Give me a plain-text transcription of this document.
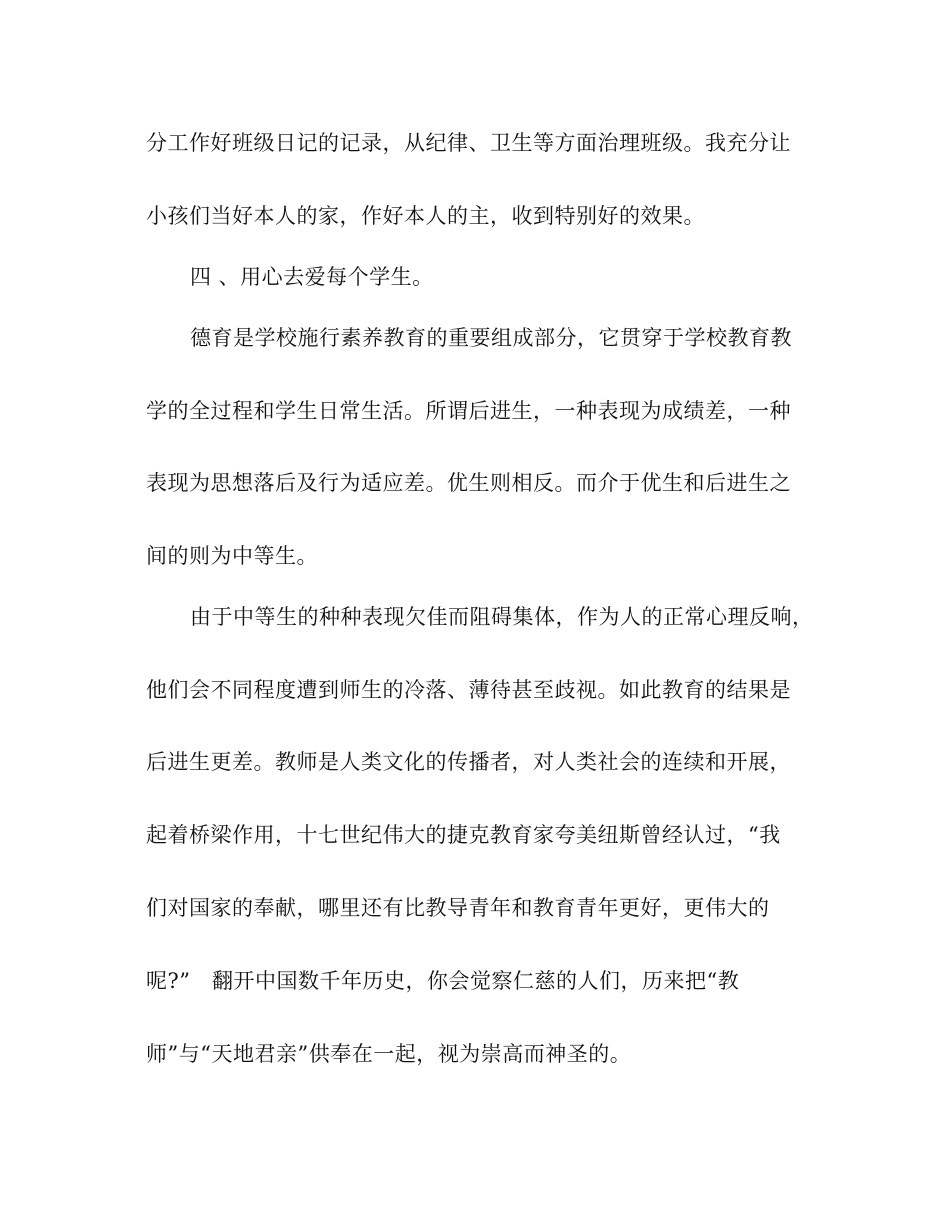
分工作好班级日记的记录，从纪律、卫生等方面治理班级。我充分让
小孩们当好本人的家，作好本人的主，收到特别好的效果。
四 、用心去爱每个学生。
德育是学校施行素养教育的重要组成部分，它贯穿于学校教育教
学的全过程和学生日常生活。所谓后进生，一种表现为成绩差，一种
表现为思想落后及行为适应差。优生则相反。而介于优生和后进生之
间的则为中等生。
由于中等生的种种表现欠佳而阻碍集体，作为人的正常心理反响，
他们会不同程度遭到师生的冷落、薄待甚至歧视。如此教育的结果是
后进生更差。教师是人类文化的传播者，对人类社会的连续和开展，
起着桥梁作用，十七世纪伟大的捷克教育家夸美纽斯曾经认过，“我
们对国家的奉献，哪里还有比教导青年和教育青年更好，更伟大的
呢?”　翻开中国数千年历史，你会觉察仁慈的人们，历来把“教
师”与“天地君亲”供奉在一起，视为崇高而神圣的。
